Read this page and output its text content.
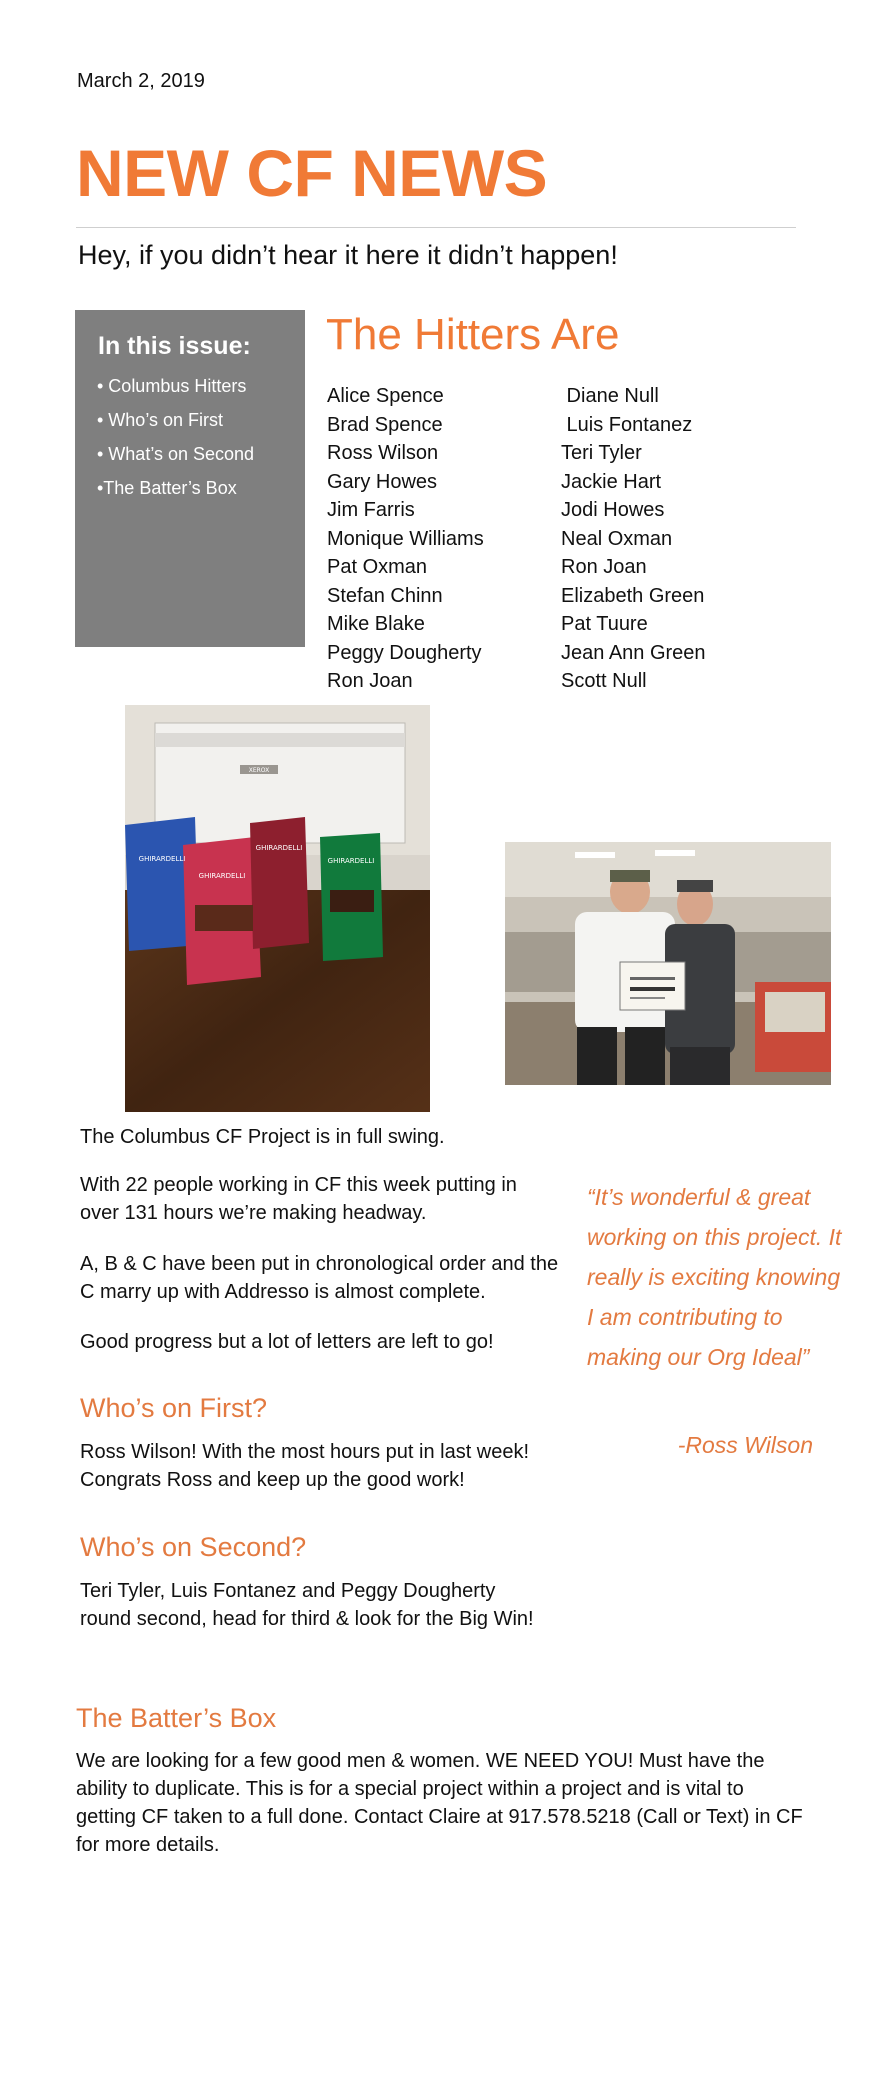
March 2, 2019
NEW CF NEWS
Hey, if you didn’t hear it here it didn’t happen!
In this issue:
• Columbus Hitters
• Who’s on First
• What’s on Second
•The Batter’s Box
The Hitters Are
Alice Spence
Brad Spence
Ross Wilson
Gary Howes
Jim Farris
Monique Williams
Pat Oxman
Stefan Chinn
Mike Blake
Peggy Dougherty
Ron Joan
Diane Null
Luis Fontanez
Teri Tyler
Jackie Hart
Jodi Howes
Neal Oxman
Ron Joan
Elizabeth Green
Pat Tuure
Jean Ann Green
Scott Null
XEROX
GHIRARDELLI
GHIRARDELLI
GHIRARDELLI
GHIRARDELLI
The Columbus CF Project is in full swing.
With 22 people working in CF this week putting in over 131 hours we’re making headway.
A, B & C have been put in chronological order and the C marry up with Addresso is almost complete.
Good progress but a lot of letters are left to go!
Who’s on First?
Ross Wilson! With the most hours put in last week! Congrats Ross and keep up the good work!
Who’s on Second?
Teri Tyler, Luis Fontanez and Peggy Dougherty round second, head for third & look for the Big Win!
The Batter’s Box
We are looking for a few good men & women. WE NEED YOU! Must have the ability to duplicate. This is for a special project within a project and is vital to getting CF taken to a full done. Contact Claire at 917.578.5218 (Call or Text) in CF for more details.
“It’s wonderful & great working on this project. It really is exciting knowing I am contributing to making our Org Ideal”
-Ross Wilson
